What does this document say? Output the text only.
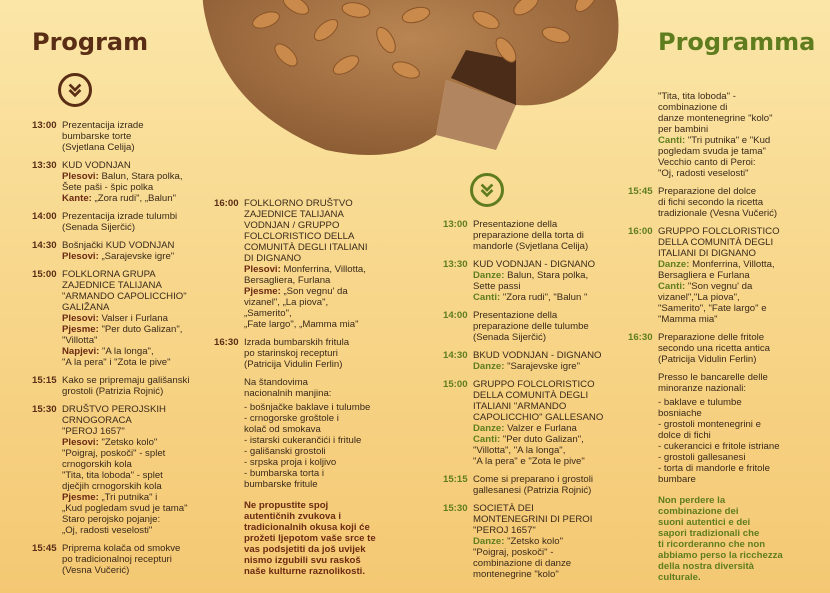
Program	Programma
13:00 Prezentacija izrade
bumbarske torte
(Svjetlana Celija)
13:30 KUD VODNJAN
Plesovi: Balun, Stara polka,
Šete paši - špic polka
Kante: „Zora rudi", „Balun"
14:00 Prezentacija izrade tulumbi
(Senada Sijerčić)
14:30 Bošnjački KUD VODNJAN
Plesovi: „Sarajevske igre"
15:00 FOLKLORNA GRUPA
ZAJEDNICE TALIJANA
"ARMANDO CAPOLICCHIO"
GALIŽANA
Plesovi: Valser i Furlana
Pjesme: "Per duto Galizan",
"Villotta"
Napjevi: "A la longa",
"A la pera" i "Zota le pive"
15:15 Kako se pripremaju gališanski
grostoli (Patrizia Rojnić)
15:30 DRUŠTVO PEROJSKIH
CRNOGORACA
"PEROJ 1657"
Plesovi: "Zetsko kolo"
"Poigraj, poskoči" - splet
crnogorskih kola
"Tita, tita loboda" - splet
dječjih crnogorskih kola
Pjesme: „Tri putnika" i
„Kud pogledam svud je tama"
Staro perojsko pojanje:
„Oj, radosti veselosti"
15:45 Priprema kolača od smokve
po tradicionalnoj recepturi
(Vesna Vučerić)
16:00 FOLKLORNO DRUŠTVO
ZAJEDNICE TALIJANA
VODNJAN / GRUPPO
FOLCLORISTICO DELLA
COMUNITÀ DEGLI ITALIANI
DI DIGNANO
Plesovi: Monferrina, Villotta,
Bersagliera, Furlana
Pjesme: „Son vegnu' da
vizanel", „La piova",
„Samerito",
„Fate largo", „Mamma mia"
16:30 Izrada bumbarskih fritula
po starinskoj recepturi
(Patricija Vidulin Ferlin)
Na štandovima
nacionalnih manjina:
- bošnjačke baklave i tulumbe
- crnogorske groštole i
kolač od smokava
- istarski cukerančići i fritule
- gališanski grostoli
- srpska proja i koljivo
- bumbarska torta i
bumbarske fritule
Ne propustite spoj
autentičnih zvukova i
tradicionalnih okusa koji će
prožeti ljepotom vaše srce te
vas podsjetiti da još uvijek
nismo izgubili svu raskoš
naše kulturne raznolikosti.
13:00 Presentazione della
preparazione della torta di
mandorle (Svjetlana Celija)
13:30 KUD VODNJAN - DIGNANO
Danze: Balun, Stara polka,
Sette passi
Canti: "Zora rudi", "Balun "
14:00 Presentazione della
preparazione delle tulumbe
(Senada Sijerčić)
14:30 BKUD VODNJAN - DIGNANO
Danze: "Sarajevske igre"
15:00 GRUPPO FOLCLORISTICO
DELLA COMUNITÀ DEGLI
ITALIANI "ARMANDO
CAPOLICCHIO" GALLESANO
Danze: Valzer e Furlana
Canti: "Per duto Galizan",
"Villotta", "A la longa",
"A la pera" e "Zota le pive"
15:15 Come si preparano i grostoli
gallesanesi (Patrizia Rojnić)
15:30 SOCIETÀ DEI
MONTENEGRINI DI PEROI
"PEROJ 1657"
Danze: "Zetsko kolo"
"Poigraj, poskoči" -
combinazione di danze
montenegrine "kolo"
"Tita, tita loboda" -
combinazione di
danze montenegrine "kolo"
per bambini
Canti: "Tri putnika" e "Kud
pogledam svuda je tama"
Vecchio canto di Peroi:
"Oj, radosti veselosti"
15:45 Preparazione del dolce
di fichi secondo la ricetta
tradizionale (Vesna Vučerić)
16:00 GRUPPO FOLCLORISTICO
DELLA COMUNITÀ DEGLI
ITALIANI DI DIGNANO
Danze: Monferrina, Villotta,
Bersagliera e Furlana
Canti: "Son vegnu' da
vizanel","La piova",
"Samerito", "Fate largo" e
"Mamma mia"
16:30 Preparazione delle fritole
secondo una ricetta antica
(Patricija Vidulin Ferlin)
Presso le bancarelle delle
minoranze nazionali:
- baklave e tulumbe
bosniache
- grostoli montenegrini e
dolce di fichi
- cukerancici e fritole istriane
- grostoli gallesanesi
- torta di mandorle e fritole
bumbare
Non perdere la
combinazione dei
suoni autentici e dei
sapori tradizionali che
ti ricorderanno che non
abbiamo perso la ricchezza
della nostra diversità
culturale.
